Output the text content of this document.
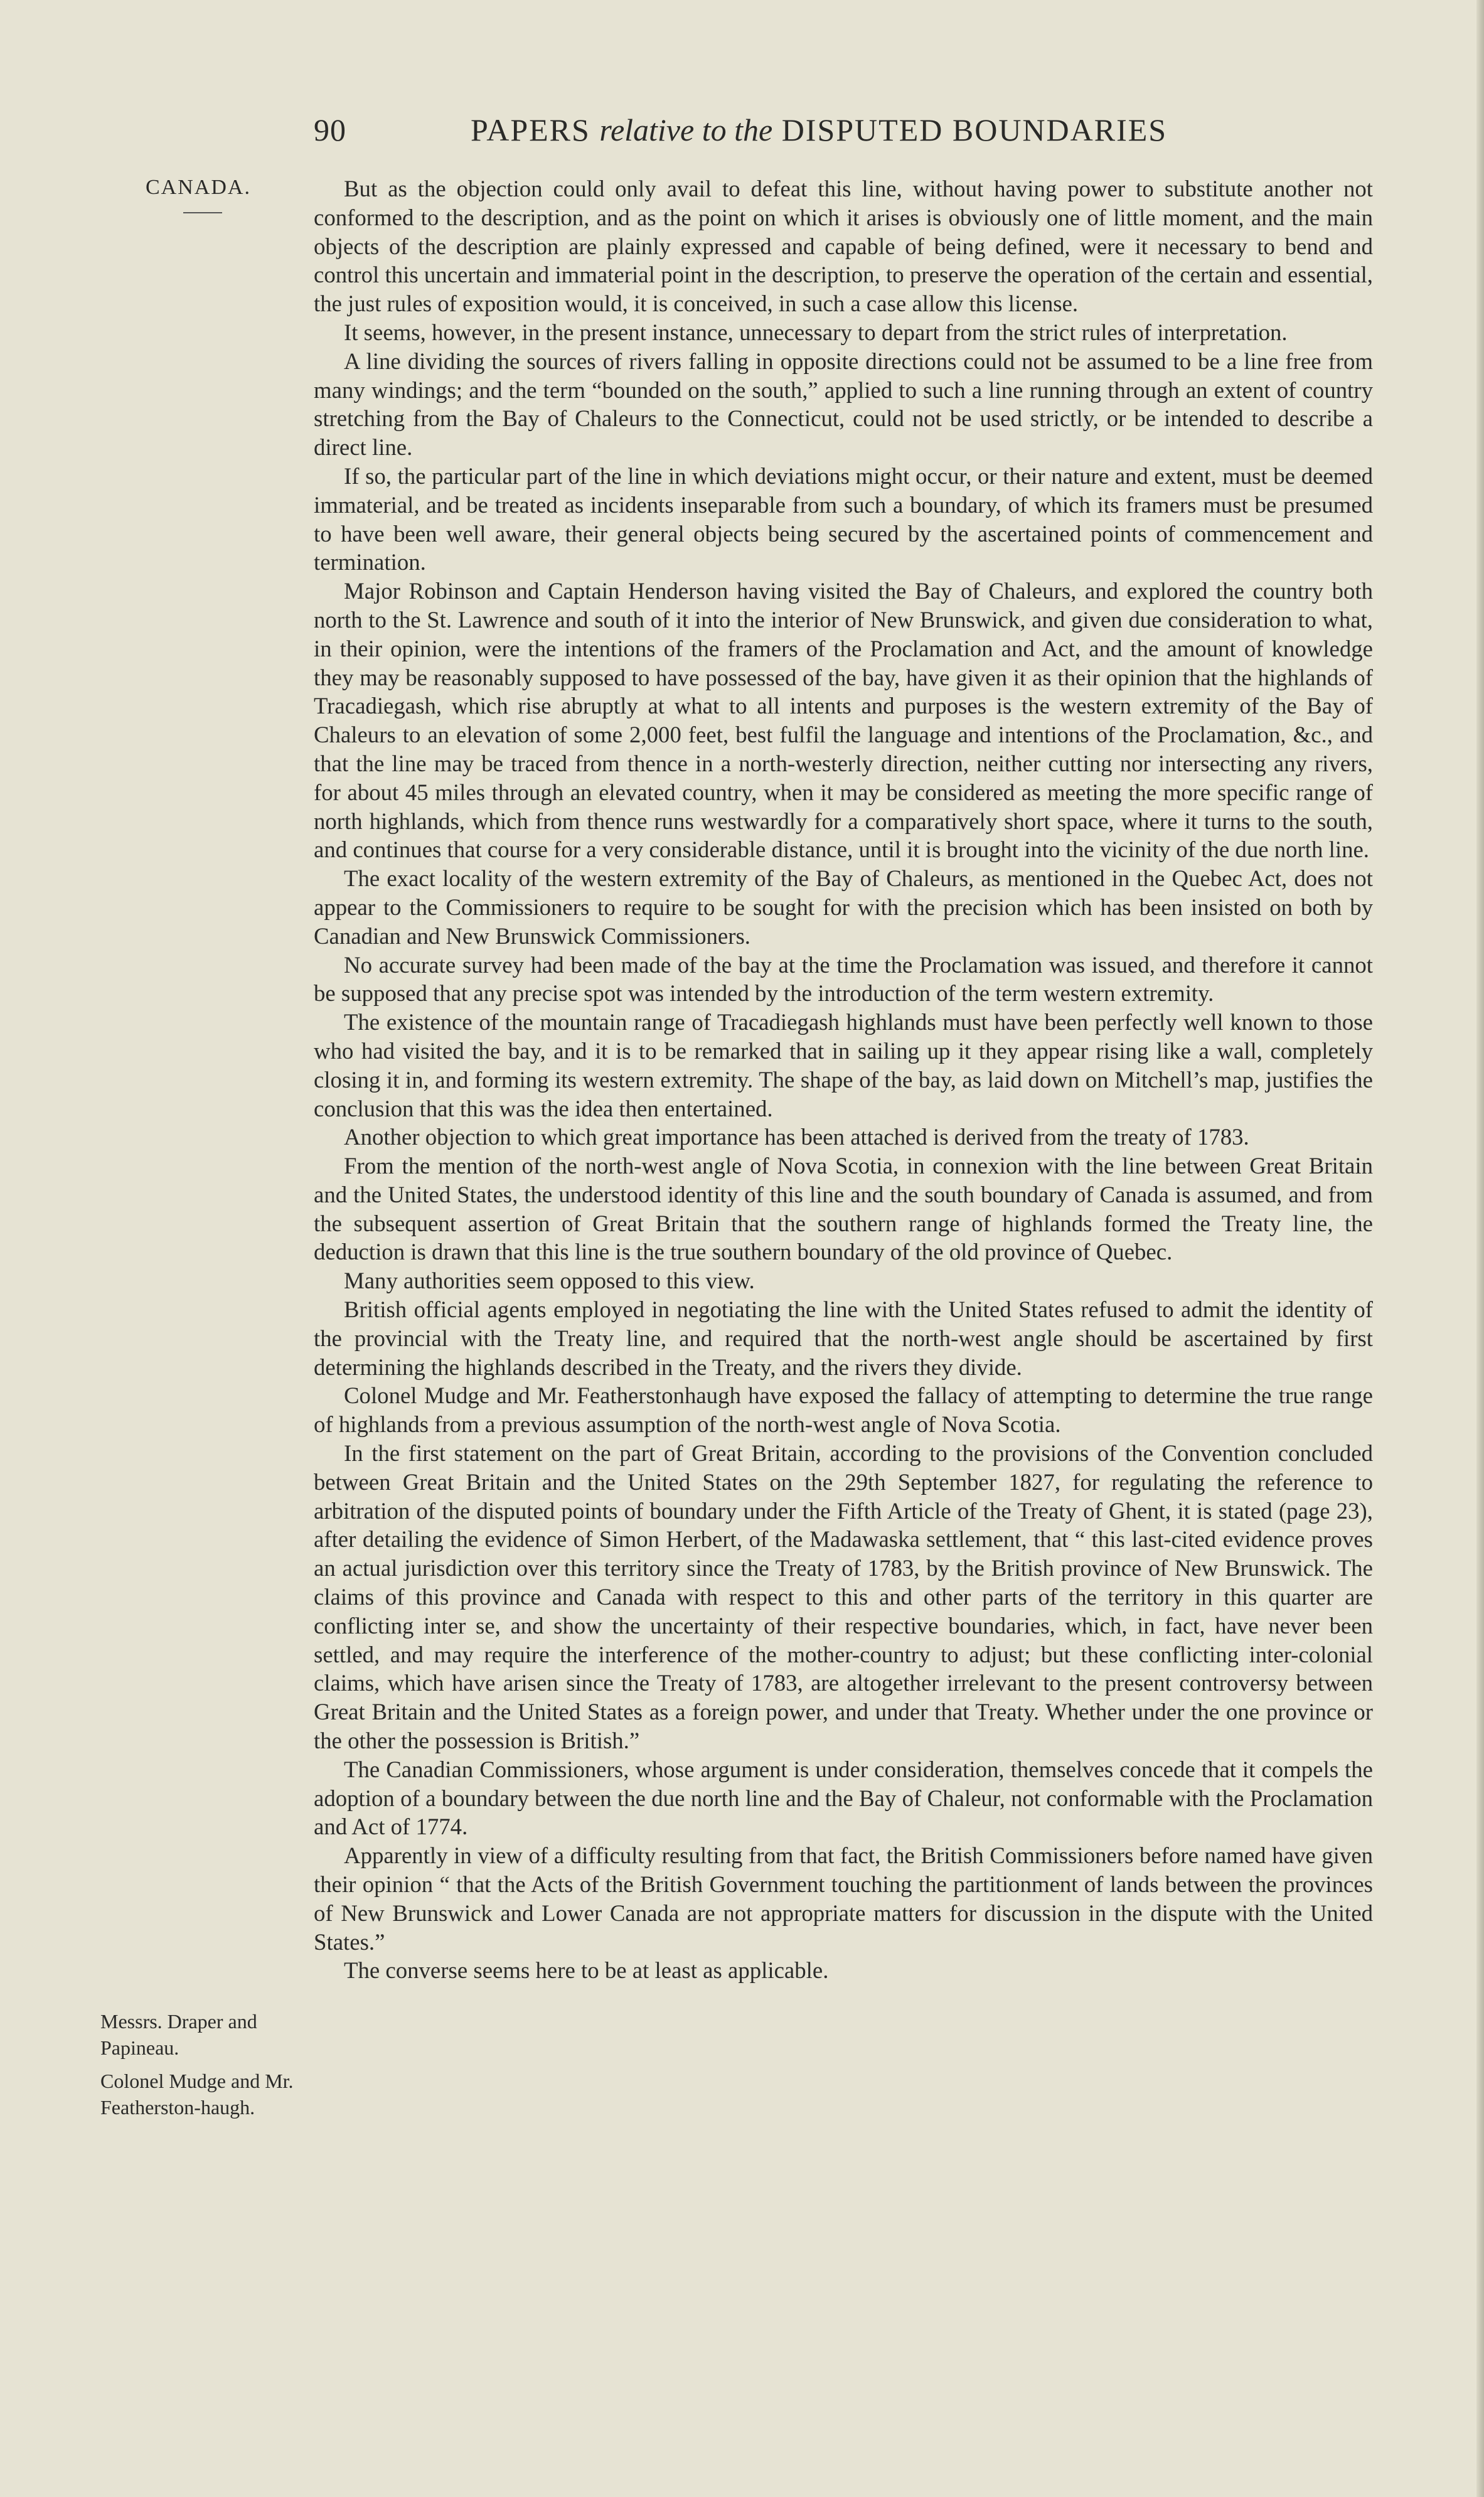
90	PAPERS relative to the DISPUTED BOUNDARIES
CANADA.
Messrs. Draper and Papineau.
Colonel Mudge and Mr. Featherston-haugh.

But as the objection could only avail to defeat this line, without having power to substitute another not conformed to the description, and as the point on which it arises is obviously one of little moment, and the main objects of the description are plainly expressed and capable of being defined, were it necessary to bend and control this uncertain and immaterial point in the description, to preserve the operation of the certain and essential, the just rules of exposition would, it is conceived, in such a case allow this license.

It seems, however, in the present instance, unnecessary to depart from the strict rules of interpretation.

A line dividing the sources of rivers falling in opposite directions could not be assumed to be a line free from many windings; and the term “bounded on the south,” applied to such a line running through an extent of country stretching from the Bay of Chaleurs to the Connecticut, could not be used strictly, or be intended to describe a direct line.

If so, the particular part of the line in which deviations might occur, or their nature and extent, must be deemed immaterial, and be treated as incidents inseparable from such a boundary, of which its framers must be presumed to have been well aware, their general objects being secured by the ascertained points of commencement and termination.

Major Robinson and Captain Henderson having visited the Bay of Chaleurs, and explored the country both north to the St. Lawrence and south of it into the interior of New Brunswick, and given due consideration to what, in their opinion, were the intentions of the framers of the Proclamation and Act, and the amount of knowledge they may be reasonably supposed to have possessed of the bay, have given it as their opinion that the highlands of Tracadiegash, which rise abruptly at what to all intents and purposes is the western extremity of the Bay of Chaleurs to an elevation of some 2,000 feet, best fulfil the language and intentions of the Proclamation, &c., and that the line may be traced from thence in a north-westerly direction, neither cutting nor intersecting any rivers, for about 45 miles through an elevated country, when it may be considered as meeting the more specific range of north highlands, which from thence runs westwardly for a comparatively short space, where it turns to the south, and continues that course for a very considerable distance, until it is brought into the vicinity of the due north line.

The exact locality of the western extremity of the Bay of Chaleurs, as mentioned in the Quebec Act, does not appear to the Commissioners to require to be sought for with the precision which has been insisted on both by Canadian and New Brunswick Commissioners.

No accurate survey had been made of the bay at the time the Proclamation was issued, and therefore it cannot be supposed that any precise spot was intended by the introduction of the term western extremity.

The existence of the mountain range of Tracadiegash highlands must have been perfectly well known to those who had visited the bay, and it is to be remarked that in sailing up it they appear rising like a wall, completely closing it in, and forming its western extremity. The shape of the bay, as laid down on Mitchell’s map, justifies the conclusion that this was the idea then entertained.

Another objection to which great importance has been attached is derived from the treaty of 1783.

From the mention of the north-west angle of Nova Scotia, in connexion with the line between Great Britain and the United States, the understood identity of this line and the south boundary of Canada is assumed, and from the subsequent assertion of Great Britain that the southern range of highlands formed the Treaty line, the deduction is drawn that this line is the true southern boundary of the old province of Quebec.

Many authorities seem opposed to this view.

British official agents employed in negotiating the line with the United States refused to admit the identity of the provincial with the Treaty line, and required that the north-west angle should be ascertained by first determining the highlands described in the Treaty, and the rivers they divide.

Colonel Mudge and Mr. Featherstonhaugh have exposed the fallacy of attempting to determine the true range of highlands from a previous assumption of the north-west angle of Nova Scotia.

In the first statement on the part of Great Britain, according to the provisions of the Convention concluded between Great Britain and the United States on the 29th September 1827, for regulating the reference to arbitration of the disputed points of boundary under the Fifth Article of the Treaty of Ghent, it is stated (page 23), after detailing the evidence of Simon Herbert, of the Madawaska settlement, that “ this last-cited evidence proves an actual jurisdiction over this territory since the Treaty of 1783, by the British province of New Brunswick. The claims of this province and Canada with respect to this and other parts of the territory in this quarter are conflicting inter se, and show the uncertainty of their respective boundaries, which, in fact, have never been settled, and may require the interference of the mother-country to adjust; but these conflicting inter-colonial claims, which have arisen since the Treaty of 1783, are altogether irrelevant to the present controversy between Great Britain and the United States as a foreign power, and under that Treaty. Whether under the one province or the other the possession is British.”

The Canadian Commissioners, whose argument is under consideration, themselves concede that it compels the adoption of a boundary between the due north line and the Bay of Chaleur, not conformable with the Proclamation and Act of 1774.

Apparently in view of a difficulty resulting from that fact, the British Commissioners before named have given their opinion “ that the Acts of the British Government touching the partitionment of lands between the provinces of New Brunswick and Lower Canada are not appropriate matters for discussion in the dispute with the United States.”

The converse seems here to be at least as applicable.
